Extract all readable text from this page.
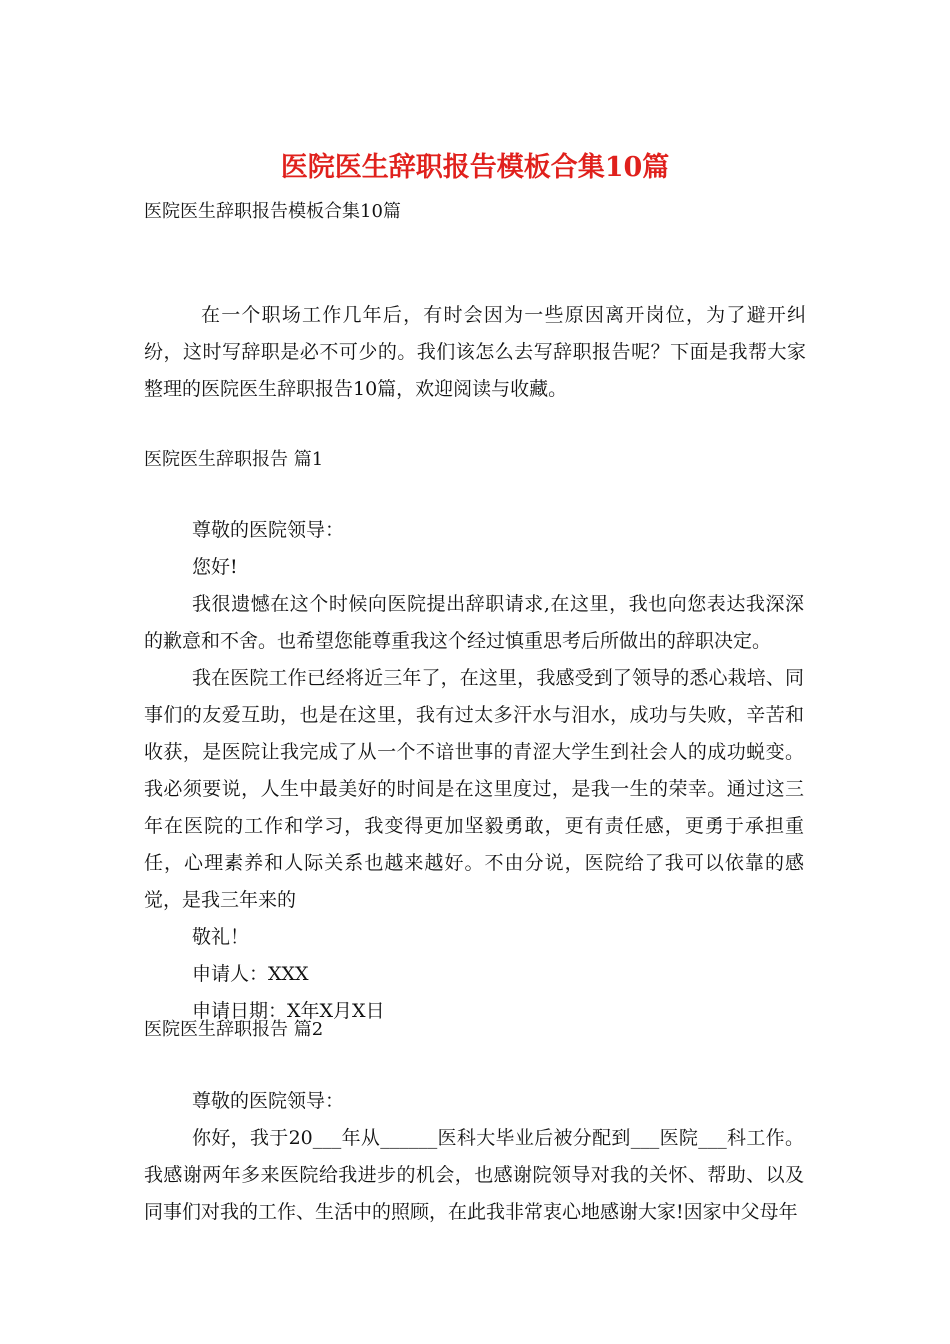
医院医生辞职报告模板合集10篇
医院医生辞职报告模板合集10篇

在一个职场工作几年后，有时会因为一些原因离开岗位，为了避开纠纷，这时写辞职是必不可少的。我们该怎么去写辞职报告呢？下面是我帮大家整理的医院医生辞职报告10篇，欢迎阅读与收藏。

医院医生辞职报告 篇1

尊敬的医院领导：

您好!

我很遗憾在这个时候向医院提出辞职请求,在这里，我也向您表达我深深的歉意和不舍。也希望您能尊重我这个经过慎重思考后所做出的辞职决定。

我在医院工作已经将近三年了，在这里，我感受到了领导的悉心栽培、同事们的友爱互助，也是在这里，我有过太多汗水与泪水，成功与失败，辛苦和收获，是医院让我完成了从一个不谙世事的青涩大学生到社会人的成功蜕变。我必须要说，人生中最美好的时间是在这里度过，是我一生的荣幸。通过这三年在医院的工作和学习，我变得更加坚毅勇敢，更有责任感，更勇于承担重任，心理素养和人际关系也越来越好。不由分说，医院给了我可以依靠的感觉，是我三年来的

敬礼！

申请人：XXX

申请日期：X年X月X日

医院医生辞职报告 篇2

尊敬的医院领导：

你好，我于20___年从______医科大毕业后被分配到___医院___科工作。我感谢两年多来医院给我进步的机会，也感谢院领导对我的关怀、帮助、以及同事们对我的工作、生活中的照顾，在此我非常衷心地感谢大家!因家中父母年
